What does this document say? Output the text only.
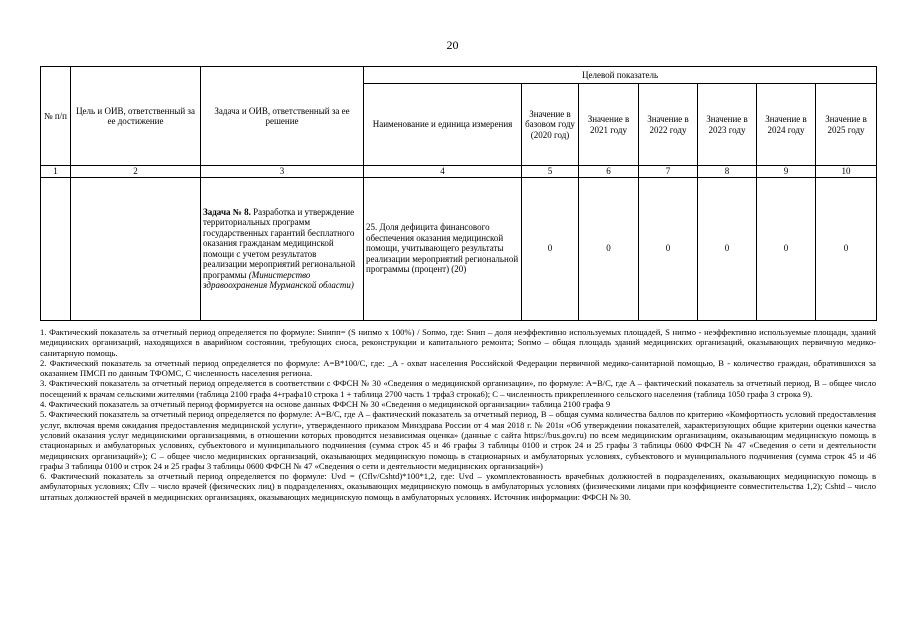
20
№ п/п	Цель и ОИВ, ответственный за ее достижение	Задача и ОИВ, ответственный за ее решение	Целевой показатель						
			Наименование и единица измерения	Значение в базовом году (2020 год)	Значение в 2021 году	Значение в 2022 году	Значение в 2023 году	Значение в 2024 году	Значение в 2025 году
1	2	3	4	5	6	7	8	9	10
		Задача № 8. Разработка и утверждение территориальных программ государственных гарантий бесплатного оказания гражданам медицинской помощи с учетом результатов реализации мероприятий региональной программы (Министерство здравоохранения Мурманской области)	25. Доля дефицита финансового обеспечения оказания медицинской помощи, учитывающего результаты реализации мероприятий региональной программы (процент) (20)	0	0	0	0	0	0

1. Фактический показатель за отчетный период определяется по формуле: Sнипп= (S нипмо х 100%) / Sопмо, где: Sнип – доля неэффективно используемых площадей, S нипмо - неэффективно используемые площади, зданий медицинских организаций, находящихся в аварийном состоянии, требующих сноса, реконструкции и капитального ремонта; Sопмо – общая площадь зданий медицинских организаций, оказывающих первичную медико-санитарную помощь.

2. Фактический показатель за отчетный период определяется по формуле: A=B*100/C, где: _A - охват населения Российской Федерации первичной медико-санитарной помощью, B - количество граждан, обратившихся за оказанием ПМСП по данным ТФОМС, C численность населения региона.

3. Фактический показатель за отчетный период определяется в соответствии с ФФСН № 30 «Сведения о медицинской организации», по формуле: A=B/C, где A – фактический показатель за отчетный период, B – общее число посещений к врачам сельскими жителями (таблица 2100 графа 4+графа10 строка 1 + таблица 2700 часть 1 трфа3 строка6); C – численность прикрепленного сельского населения (таблица 1050 графа 3 строка 9).

4. Фактический показатель за отчетный период формируется на основе данных ФФСН № 30 «Сведения о медицинской организации» таблица 2100 графа 9

5. Фактический показатель за отчетный период определяется по формуле: A=B/C, где A – фактический показатель за отчетный период, B – общая сумма количества баллов по критерию «Комфортность условий предоставления услуг, включая время ожидания предоставления медицинской услуги», утвержденного приказом Минздрава России от 4 мая 2018 г. № 201н «Об утверждении показателей, характеризующих общие критерии оценки качества условий оказания услуг медицинскими организациями, в отношении которых проводится независимая оценка» (данные с сайта https://bus.gov.ru) по всем медицинским организациям, оказывающим медицинскую помощь в стационарных и амбулаторных условиях, субъектового и муниципального подчинения (сумма строк 45 и 46 графы 3 таблицы 0100 и строк 24 и 25 графы 3 таблицы 0600 ФФСН № 47 «Сведения о сети и деятельности медицинских организаций»); C – общее число медицинских организаций, оказывающих медицинскую помощь в стационарных и амбулаторных условиях, субъектового и муниципального подчинения (сумма строк 45 и 46 графы 3 таблицы 0100 и строк 24 и 25 графы 3 таблицы 0600 ФФСН № 47 «Сведения о сети и деятельности медицинских организаций»)

6. Фактический показатель за отчетный период определяется по формуле: Uvd = (Cflv/Cshtd)*100*1,2, где: Uvd – укомплектованность врачебных должностей в подразделениях, оказывающих медицинскую помощь в амбулаторных условиях; Cflv – число врачей (физических лиц) в подразделениях, оказывающих медицинскую помощь в амбулаторных условиях (физическими лицами при коэффициенте совместительства 1,2); Cshtd – число штатных должностей врачей в медицинских организациях, оказывающих медицинскую помощь в амбулаторных условиях. Источник информации: ФФСН № 30.
